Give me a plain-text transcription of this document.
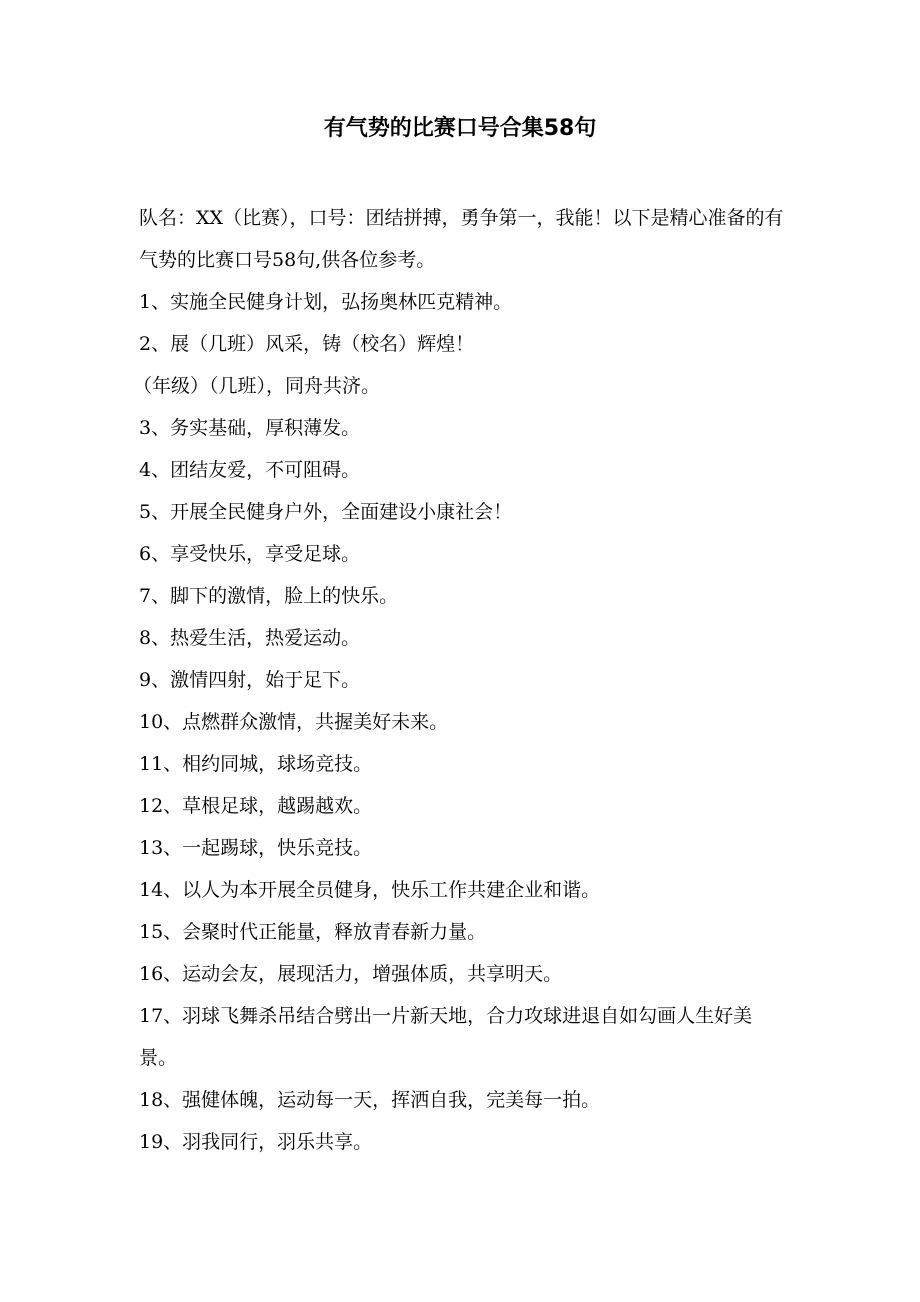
有气势的比赛口号合集58句

队名：XX（比赛），口号：团结拼搏，勇争第一，我能！以下是精心准备的有气势的比赛口号58句,供各位参考。

1、实施全民健身计划，弘扬奥林匹克精神。

2、展（几班）风采，铸（校名）辉煌！

（年级）（几班），同舟共济。

3、务实基础，厚积薄发。

4、团结友爱，不可阻碍。

5、开展全民健身户外，全面建设小康社会！

6、享受快乐，享受足球。

7、脚下的激情，脸上的快乐。

8、热爱生活，热爱运动。

9、激情四射，始于足下。

10、点燃群众激情，共握美好未来。

11、相约同城，球场竞技。

12、草根足球，越踢越欢。

13、一起踢球，快乐竞技。

14、以人为本开展全员健身，快乐工作共建企业和谐。

15、会聚时代正能量，释放青春新力量。

16、运动会友，展现活力，增强体质，共享明天。

17、羽球飞舞杀吊结合劈出一片新天地，合力攻球进退自如勾画人生好美景。

18、强健体魄，运动每一天，挥洒自我，完美每一拍。

19、羽我同行，羽乐共享。
